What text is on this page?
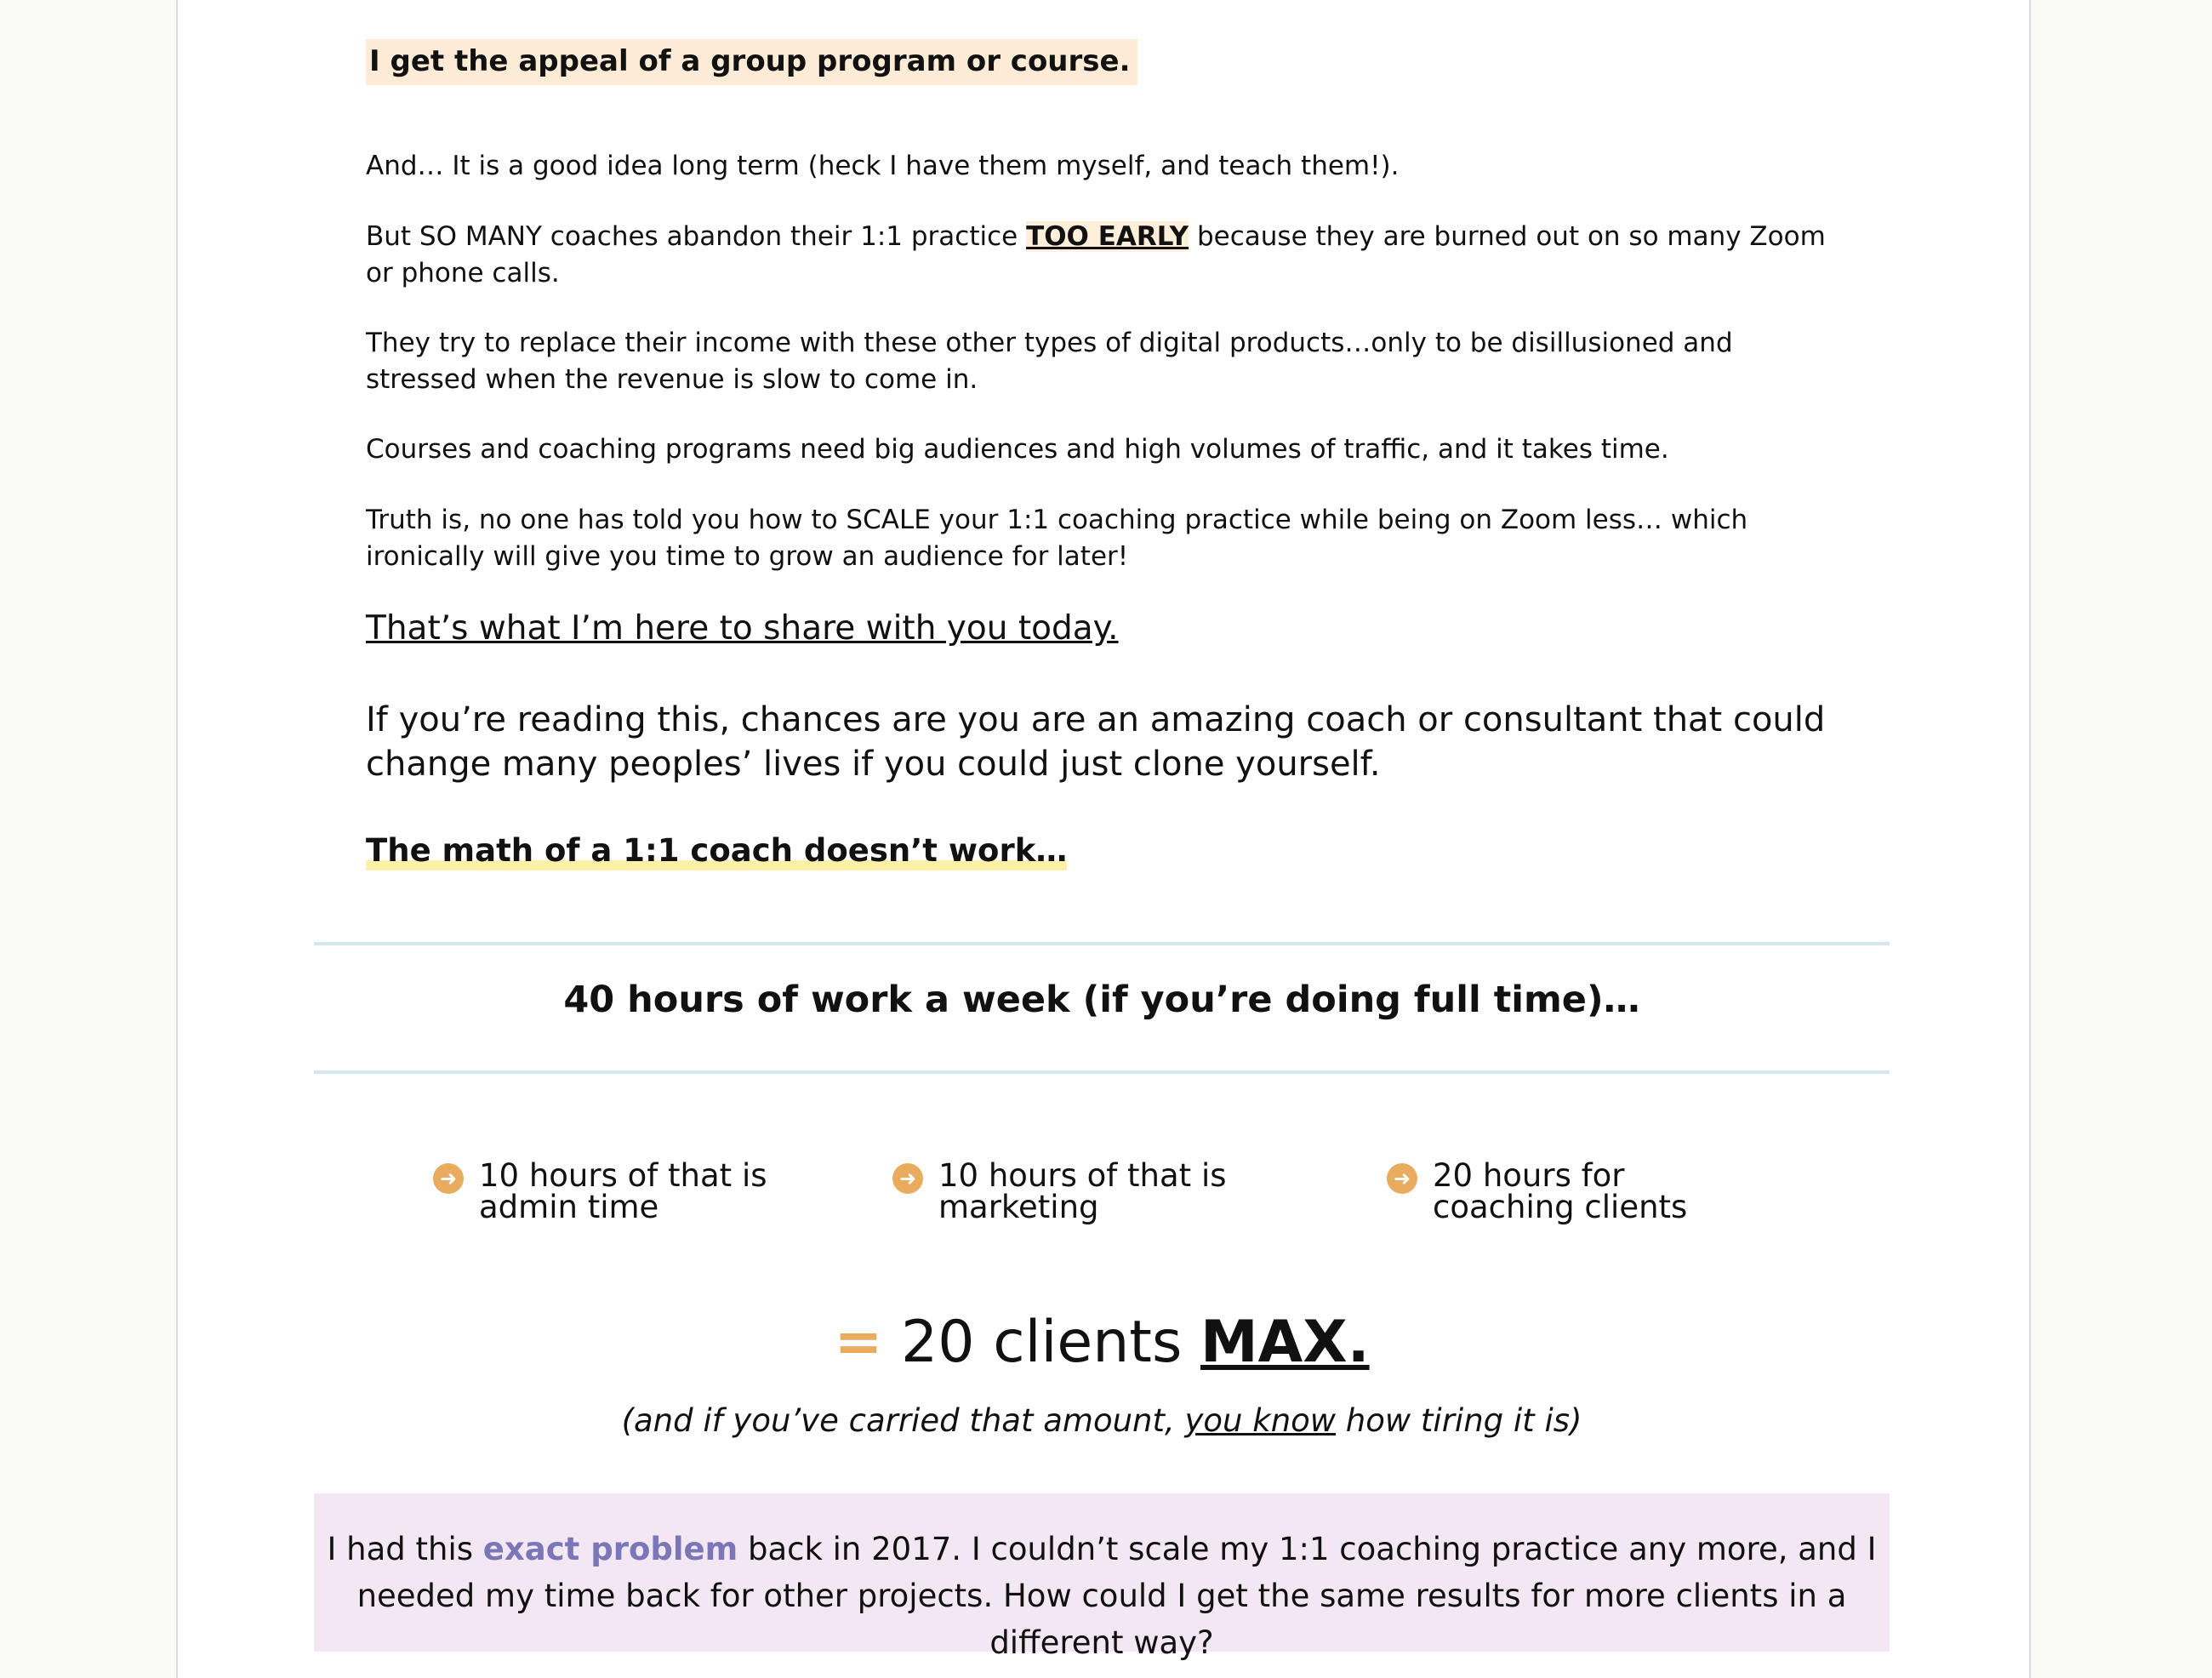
I get the appeal of a group program or course.

And… It is a good idea long term (heck I have them myself, and teach them!).

But SO MANY coaches abandon their 1:1 practice TOO EARLY because they are burned out on so many Zoom or phone calls.

They try to replace their income with these other types of digital products…only to be disillusioned and stressed when the revenue is slow to come in.

Courses and coaching programs need big audiences and high volumes of traffic, and it takes time.

Truth is, no one has told you how to SCALE your 1:1 coaching practice while being on Zoom less… which ironically will give you time to grow an audience for later!

That’s what I’m here to share with you today.

If you’re reading this, chances are you are an amazing coach or consultant that could change many peoples’ lives if you could just clone yourself.

The math of a 1:1 coach doesn’t work…
40 hours of work a week (if you’re doing full time)…
➜ 10 hours of that is admin time
➜ 10 hours of that is marketing
➜ 20 hours for coaching clients
= 20 clients MAX.
(and if you’ve carried that amount, you know how tiring it is)
I had this exact problem back in 2017. I couldn’t scale my 1:1 coaching practice any more, and I needed my time back for other projects. How could I get the same results for more clients in a different way?
